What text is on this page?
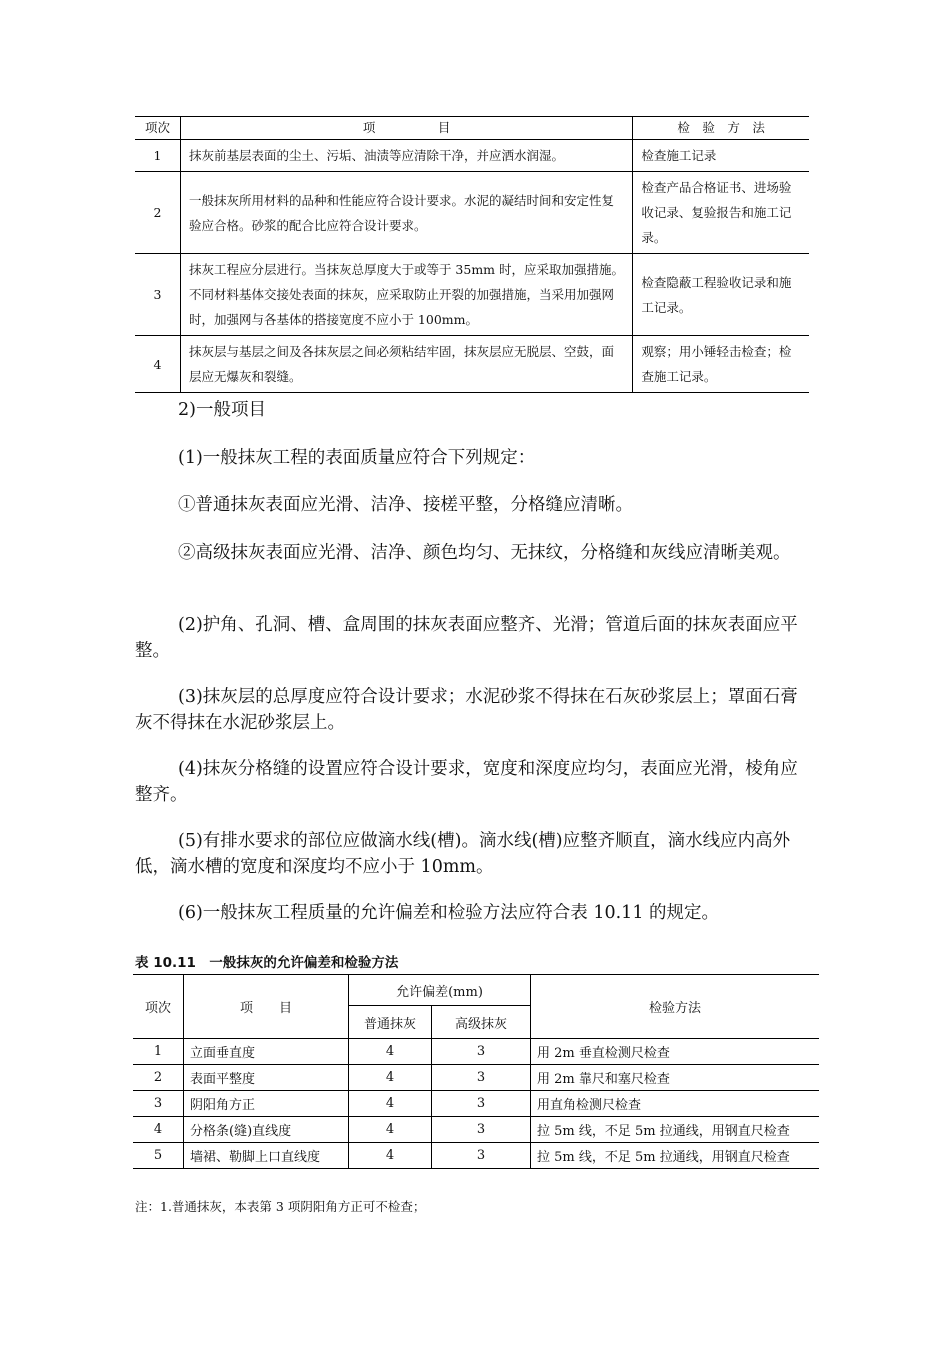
项次	项　　　　　目	检　验　方　法
1	抹灰前基层表面的尘土、污垢、油渍等应清除干净，并应洒水润湿。	检查施工记录
2	一般抹灰所用材料的品种和性能应符合设计要求。水泥的凝结时间和安定性复验应合格。砂浆的配合比应符合设计要求。	检查产品合格证书、进场验收记录、复验报告和施工记录。
3	抹灰工程应分层进行。当抹灰总厚度大于或等于 35mm 时，应采取加强措施。不同材料基体交接处表面的抹灰，应采取防止开裂的加强措施，当采用加强网时，加强网与各基体的搭接宽度不应小于 100mm。	检查隐蔽工程验收记录和施工记录。
4	抹灰层与基层之间及各抹灰层之间必须粘结牢固，抹灰层应无脱层、空鼓，面层应无爆灰和裂缝。	观察；用小锤轻击检查；检查施工记录。

2)一般项目

(1)一般抹灰工程的表面质量应符合下列规定：

①普通抹灰表面应光滑、洁净、接槎平整，分格缝应清晰。

②高级抹灰表面应光滑、洁净、颜色均匀、无抹纹，分格缝和灰线应清晰美观。

(2)护角、孔洞、槽、盒周围的抹灰表面应整齐、光滑；管道后面的抹灰表面应平整。

(3)抹灰层的总厚度应符合设计要求；水泥砂浆不得抹在石灰砂浆层上；罩面石膏灰不得抹在水泥砂浆层上。

(4)抹灰分格缝的设置应符合设计要求，宽度和深度应均匀，表面应光滑，棱角应整齐。

(5)有排水要求的部位应做滴水线(槽)。滴水线(槽)应整齐顺直，滴水线应内高外低，滴水槽的宽度和深度均不应小于 10mm。

(6)一般抹灰工程质量的允许偏差和检验方法应符合表 10.11 的规定。

表 10.11　一般抹灰的允许偏差和检验方法
项次	项　　目	允许偏差(mm)		检验方法
		普通抹灰	高级抹灰	
1	立面垂直度	4	3	用 2m 垂直检测尺检查
2	表面平整度	4	3	用 2m 靠尺和塞尺检查
3	阴阳角方正	4	3	用直角检测尺检查
4	分格条(缝)直线度	4	3	拉 5m 线，不足 5m 拉通线，用钢直尺检查
5	墙裙、勒脚上口直线度	4	3	拉 5m 线，不足 5m 拉通线，用钢直尺检查
注：1.普通抹灰，本表第 3 项阴阳角方正可不检查；
